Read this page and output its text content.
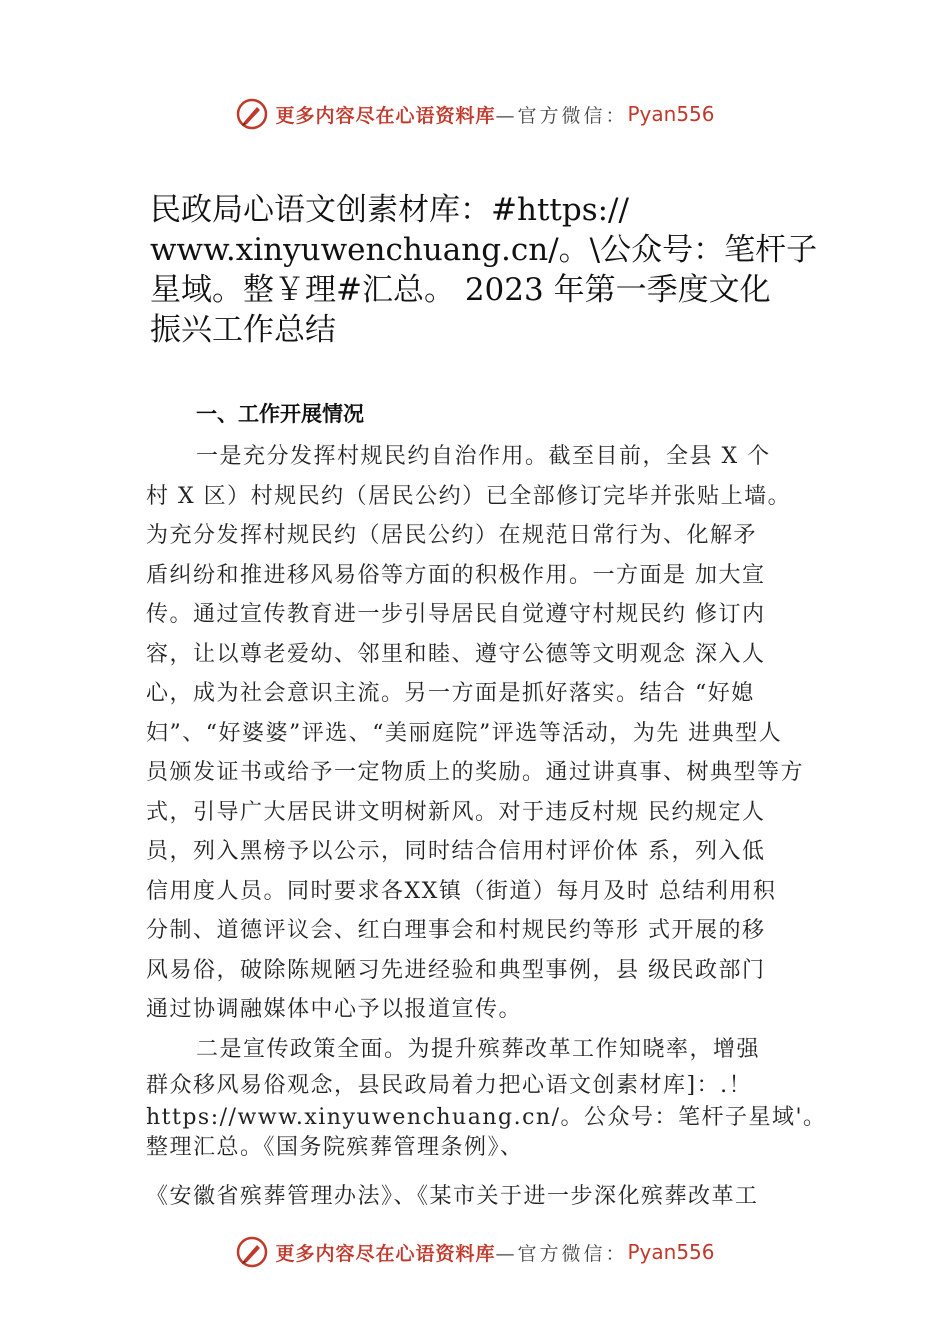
更多内容尽在心语资料库 —官方微信： Pyan556
民政局心语文创素材库：#https://
www.xinyuwenchuang.cn/。\公众号：笔杆子
星域。整￥理#汇总。 2023 年第一季度文化
振兴工作总结
一、工作开展情况
一是充分发挥村规民约自治作用。截至目前，全县 X 个
村 X 区）村规民约（居民公约）已全部修订完毕并张贴上墙。
为充分发挥村规民约（居民公约）在规范日常行为、化解矛
盾纠纷和推进移风易俗等方面的积极作用。一方面是 加大宣
传。通过宣传教育进一步引导居民自觉遵守村规民约 修订内
容，让以尊老爱幼、邻里和睦、遵守公德等文明观念 深入人
心，成为社会意识主流。另一方面是抓好落实。结合 “好媳
妇”、“好婆婆”评选、“美丽庭院”评选等活动，为先 进典型人
员颁发证书或给予一定物质上的奖励。通过讲真事、树典型等方
式，引导广大居民讲文明树新风。对于违反村规 民约规定人
员，列入黑榜予以公示，同时结合信用村评价体 系，列入低
信用度人员。同时要求各XX镇（街道）每月及时 总结利用积
分制、道德评议会、红白理事会和村规民约等形 式开展的移
风易俗，破除陈规陋习先进经验和典型事例，县 级民政部门
通过协调融媒体中心予以报道宣传。
二是宣传政策全面。为提升殡葬改革工作知晓率，增强
群众移风易俗观念，县民政局着力把心语文创素材库]：.！
https://www.xinyuwenchuang.cn/。公众号：笔杆子星域'。
整理汇总。《国务院殡葬管理条例》、
《安徽省殡葬管理办法》、《某市关于进一步深化殡葬改革工
更多内容尽在心语资料库 —官方微信： Pyan556
